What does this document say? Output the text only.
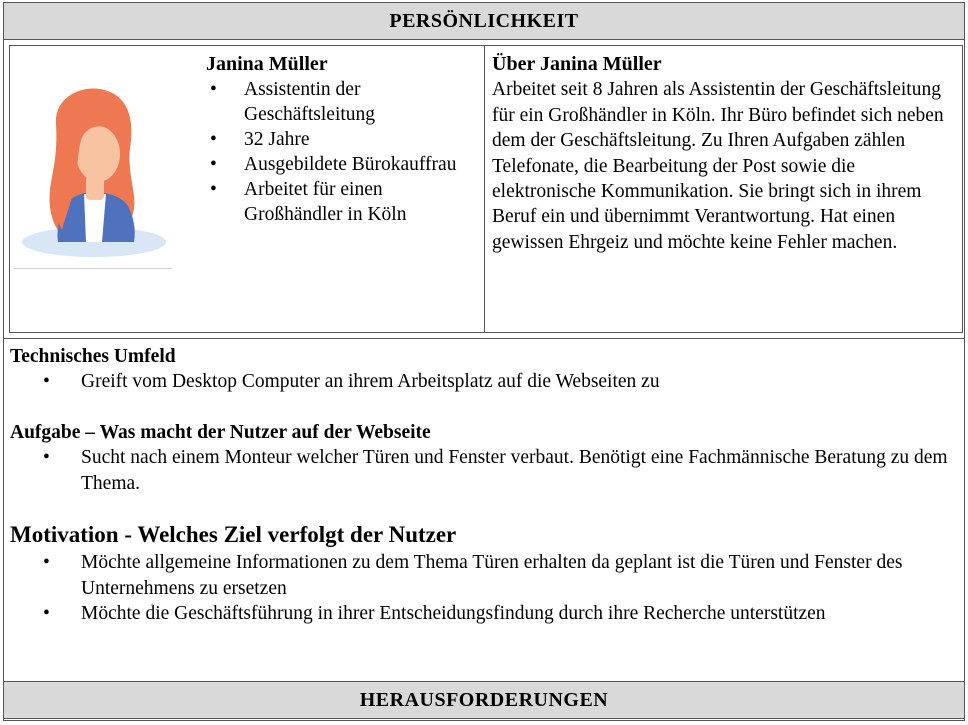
PERSÖNLICHKEIT
Janina Müller
• Assistentin der Geschäftsleitung
• 32 Jahre
• Ausgebildete Bürokauffrau
• Arbeitet für einen Großhändler in Köln
Über Janina Müller

Arbeitet seit 8 Jahren als Assistentin der Geschäftsleitung für ein Großhändler in Köln. Ihr Büro befindet sich neben dem der Geschäftsleitung. Zu Ihren Aufgaben zählen Telefonate, die Bearbeitung der Post sowie die elektronische Kommunikation. Sie bringt sich in ihrem Beruf ein und übernimmt Verantwortung. Hat einen gewissen Ehrgeiz und möchte keine Fehler machen.

Technisches Umfeld
• Greift vom Desktop Computer an ihrem Arbeitsplatz auf die Webseiten zu
Aufgabe – Was macht der Nutzer auf der Webseite
• Sucht nach einem Monteur welcher Türen und Fenster verbaut. Benötigt eine Fachmännische Beratung zu dem Thema.
Motivation - Welches Ziel verfolgt der Nutzer
• Möchte allgemeine Informationen zu dem Thema Türen erhalten da geplant ist die Türen und Fenster des Unternehmens zu ersetzen
• Möchte die Geschäftsführung in ihrer Entscheidungsfindung durch ihre Recherche unterstützen
HERAUSFORDERUNGEN
